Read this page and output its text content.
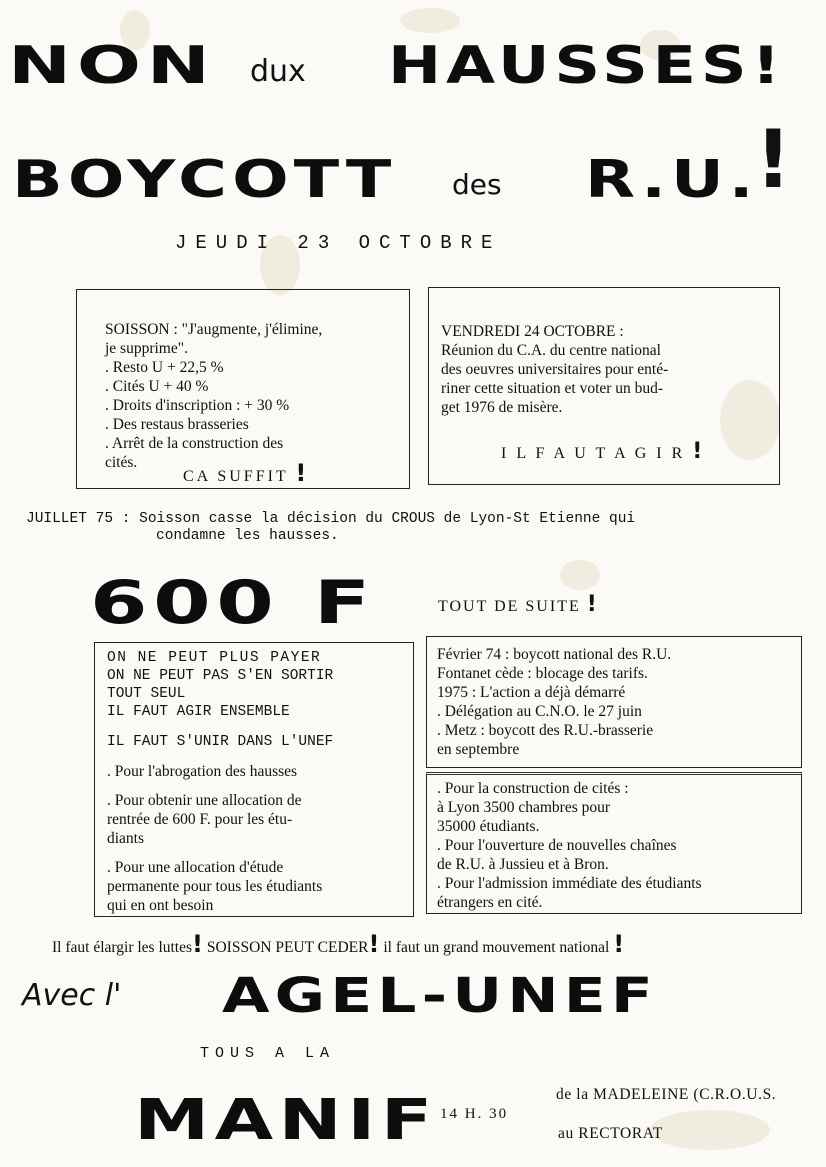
NON dux HAUSSES!
BOYCOTT des R.U.
!
JEUDI 23 OCTOBRE
SOISSON : "J'augmente, j'élimine,
je supprime".
. Resto U + 22,5 %
. Cités U + 40 %
. Droits d'inscription : + 30 %
. Des restaus brasseries
. Arrêt de la construction des
cités.
CA SUFFIT !
VENDREDI 24 OCTOBRE :
Réunion du C.A. du centre national
des oeuvres universitaires pour enté-
riner cette situation et voter un bud-
get 1976 de misère.
I L F A U T A G I R !
JUILLET 75 : Soisson casse la décision du CROUS de Lyon-St Etienne qui
condamne les hausses.
600 F	TOUT DE SUITE !
ON NE PEUT PLUS PAYER
ON NE PEUT PAS S'EN SORTIR
TOUT SEUL
IL FAUT AGIR ENSEMBLE
IL FAUT S'UNIR DANS L'UNEF
. Pour l'abrogation des hausses
. Pour obtenir une allocation de
rentrée de 600 F. pour les étu-
diants
. Pour une allocation d'étude
permanente pour tous les étudiants
qui en ont besoin
Février 74 : boycott national des R.U.
Fontanet cède : blocage des tarifs.
1975 : L'action a déjà démarré
. Délégation au C.N.O. le 27 juin
. Metz : boycott des R.U.-brasserie
en septembre
. Pour la construction de cités :
à Lyon 3500 chambres pour
35000 étudiants.
. Pour l'ouverture de nouvelles chaînes
de R.U. à Jussieu et à Bron.
. Pour l'admission immédiate des étudiants
étrangers en cité.
Il faut élargir les luttes! SOISSON PEUT CEDER! il faut un grand mouvement national !
Avec l' AGEL-UNEF
TOUS A LA
MANIF 14 H. 30
de la MADELEINE (C.R.O.U.S.
au RECTORAT
